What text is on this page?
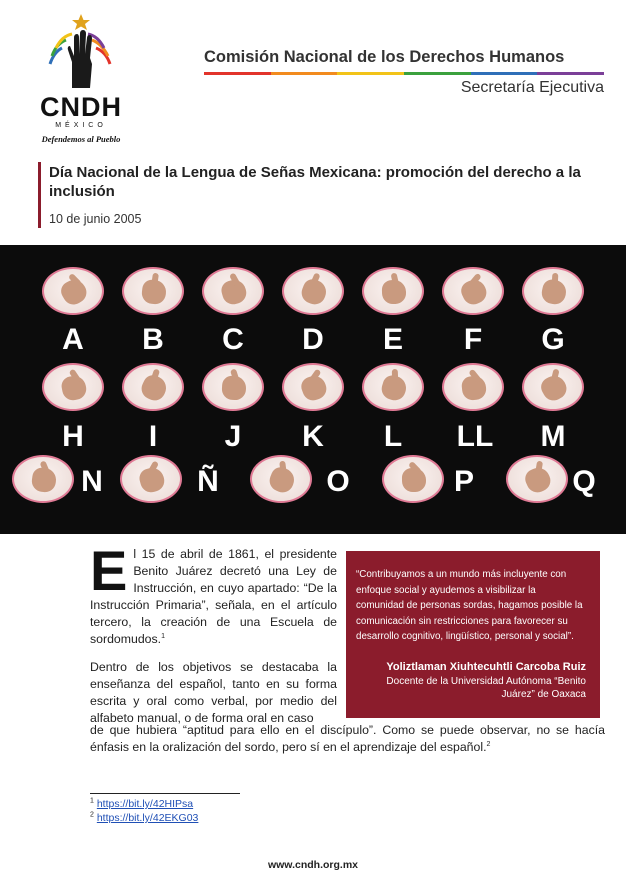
CNDH
MÉXICO
Defendemos al Pueblo
Comisión Nacional de los Derechos Humanos
Secretaría Ejecutiva
Día Nacional de la Lengua de Señas Mexicana: promoción del derecho a la inclusión
10 de junio 2005
A	B	C	D	E	F	G
H	I	J	K	L	LL	M
N	Ñ	O	P	Q

El 15 de abril de 1861, el presidente Benito Juárez decretó una Ley de Instrucción, en cuyo apartado: “De la Instrucción Primaria”, señala, en el artículo tercero, la creación de una Escuela de sordomudos.$^1$

Dentro de los objetivos se destacaba la enseñanza del español, tanto en su forma escrita y oral como verbal, por medio del alfabeto manual, o de forma oral en caso

de que hubiera “aptitud para ello en el discípulo”. Como se puede observar, no se hacía énfasis en la oralización del sordo, pero sí en el aprendizaje del español.$^2$

“Contribuyamos a un mundo más incluyente con enfoque social y ayudemos a visibilizar la comunidad de personas sordas, hagamos posible la comunicación sin restricciones para favorecer su desarrollo cognitivo, lingüístico, personal y social”.

Yoliztlaman Xiuhtecuhtli Carcoba Ruiz
Docente de la Universidad Autónoma “Benito Juárez” de Oaxaca
$^1$ https://bit.ly/42HIPsa
$^2$ https://bit.ly/42EKG03
www.cndh.org.mx
